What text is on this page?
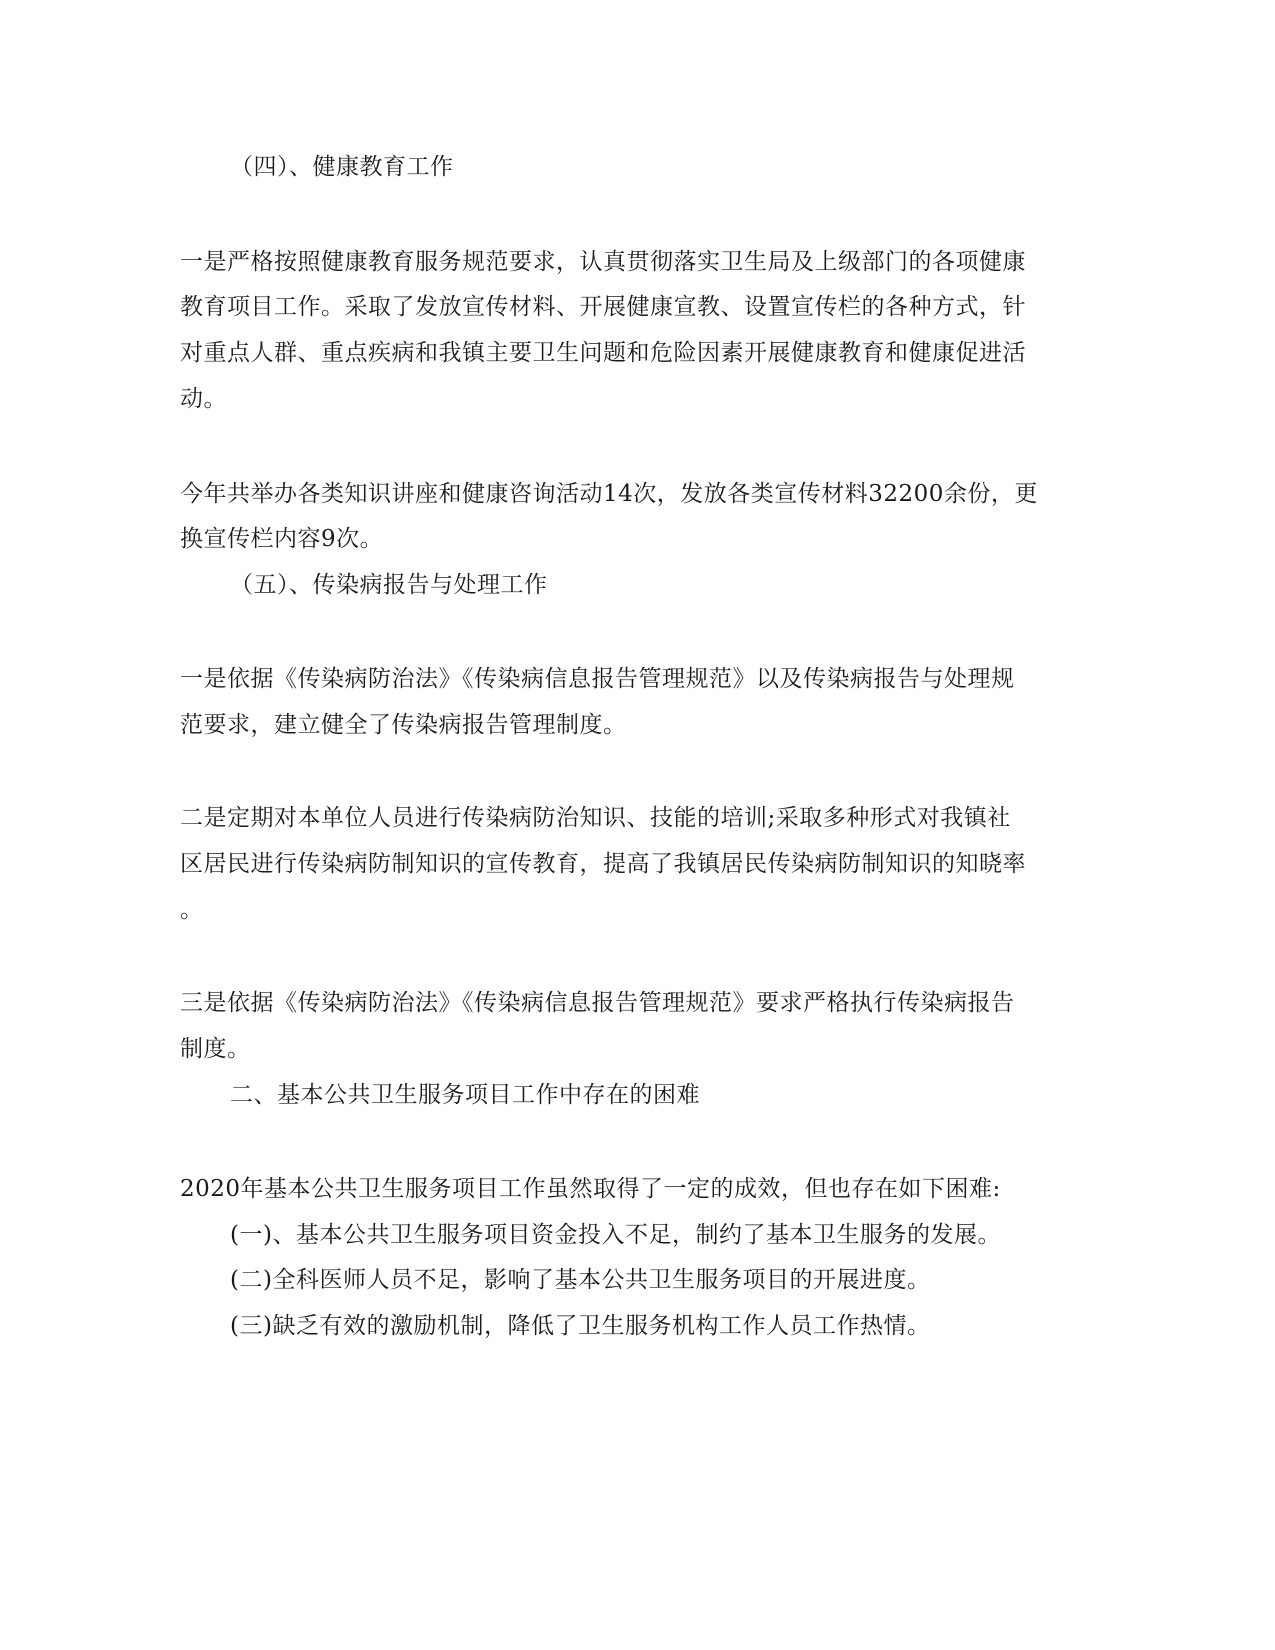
（四）、健康教育工作
一是严格按照健康教育服务规范要求，认真贯彻落实卫生局及上级部门的各项健康
教育项目工作。采取了发放宣传材料、开展健康宣教、设置宣传栏的各种方式，针
对重点人群、重点疾病和我镇主要卫生问题和危险因素开展健康教育和健康促进活
动。
今年共举办各类知识讲座和健康咨询活动14次，发放各类宣传材料32200余份，更
换宣传栏内容9次。
（五）、传染病报告与处理工作
一是依据《传染病防治法》《传染病信息报告管理规范》以及传染病报告与处理规
范要求，建立健全了传染病报告管理制度。
二是定期对本单位人员进行传染病防治知识、技能的培训;采取多种形式对我镇社
区居民进行传染病防制知识的宣传教育，提高了我镇居民传染病防制知识的知晓率
。
三是依据《传染病防治法》《传染病信息报告管理规范》要求严格执行传染病报告
制度。
二、基本公共卫生服务项目工作中存在的困难
2020年基本公共卫生服务项目工作虽然取得了一定的成效，但也存在如下困难:
(一)、基本公共卫生服务项目资金投入不足，制约了基本卫生服务的发展。
(二)全科医师人员不足，影响了基本公共卫生服务项目的开展进度。
(三)缺乏有效的激励机制，降低了卫生服务机构工作人员工作热情。
